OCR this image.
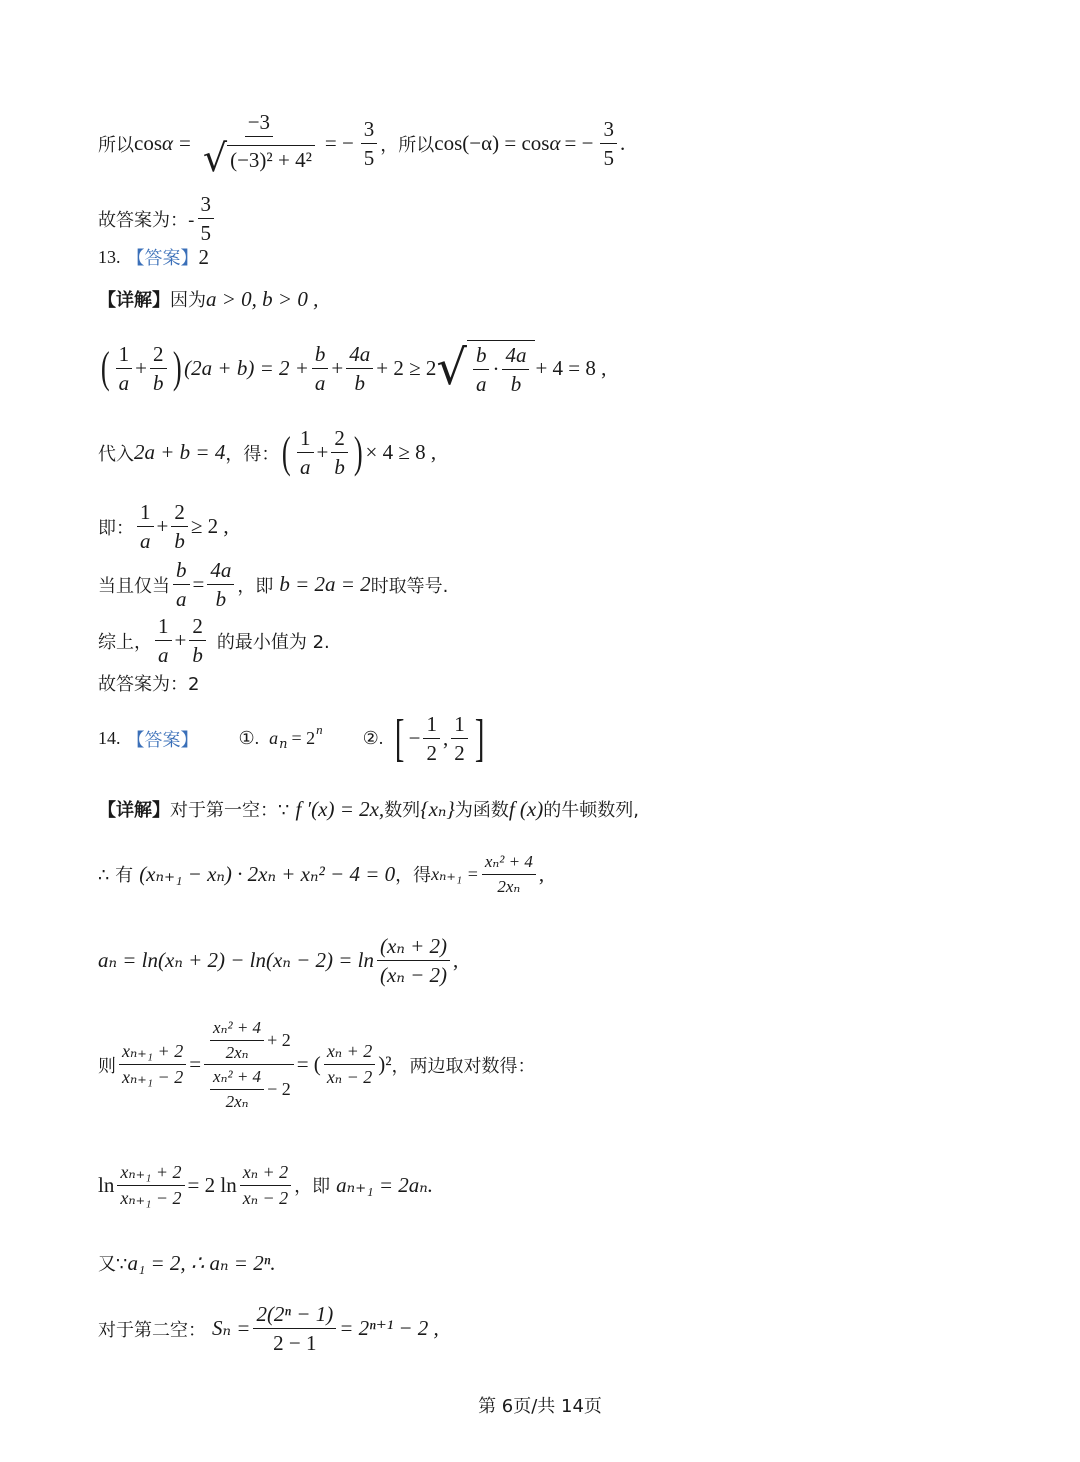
所以 $\cos \alpha = \frac{-3}{\text{√ (−3)² + 4²}}$ = − $\frac{3}{5}$ ，所以 cos(−α) = cos α = − $\frac{3}{5}$ .
故答案为：- $\frac{3}{5}$
13. 【答案】 2
【详解】 因为 a > 0, b > 0 ,
( $\frac{1}{a} + \frac{2}{b}$ ) $(2a + b) = 2 + \frac{b}{a} + \frac{4a}{b} + 2 \ge 2$ √ $\frac{b}{a} \cdot \frac{4a}{b} + 4 = 8$ ,
代入 2a + b = 4 ，得： ( $\frac{1}{a} + \frac{2}{b}$ ) × 4 ≥ 8 ,
即： $\frac{1}{a} + \frac{2}{b} \ge 2$ ,
当且仅当 $\frac{b}{a} = \frac{4a}{b}$ ，即 b = 2a = 2 时取等号.
综上， $\frac{1}{a} + \frac{2}{b}$ 的最小值为 2.
故答案为：2
14. 【答案】 ①. a n = 2 n ②. [ − $\frac{1}{2}$ , $\frac{1}{2}$ ]
【详解】 对于第一空：∵ f ′(x) = 2x, 数列 {xₙ} 为函数 f (x) 的牛顿数列,
∴ 有 (xₙ₊₁ − xₙ) · 2xₙ + xₙ² − 4 = 0 ，得 $x_{n+1} = \frac{\text{xₙ² + 4}}{\text{2xₙ}}$ ,
$a_n = \ln(x_n + 2) - \ln(x_n - 2) = \ln \frac{\text{(xₙ + 2)}}{\text{(xₙ − 2)}}$ ,
则 $\frac{\text{xₙ₊₁ + 2}}{\text{xₙ₊₁ − 2}} = \frac{\frac{\text{xₙ² + 4}}{\text{2xₙ}} + 2}{\frac{\text{xₙ² + 4}}{\text{2xₙ}} - 2}$ = ( $\frac{\text{xₙ + 2}}{\text{xₙ − 2}} )^2$ ，两边取对数得：
$\ln \frac{\text{xₙ₊₁ + 2}}{\text{xₙ₊₁ − 2}} = 2$ $\ln \frac{\text{xₙ + 2}}{\text{xₙ − 2}}$ ，即 aₙ₊₁ = 2aₙ.
又∵ a₁ = 2, ∴ aₙ = 2ⁿ.
对于第二空： $S_n = \frac{\text{2(2ⁿ − 1)}}{2 - 1} = 2^{n+1} - 2$ ,
第 6页/共 14页
